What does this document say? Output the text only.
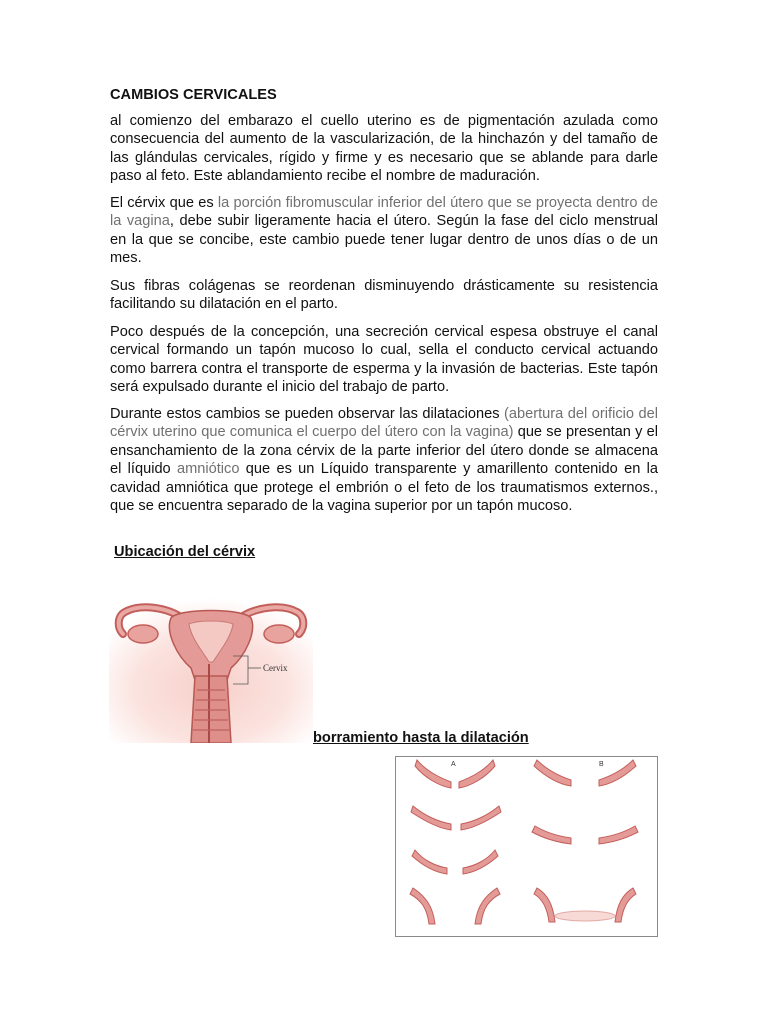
CAMBIOS CERVICALES

al comienzo del embarazo el cuello uterino es de pigmentación azulada como consecuencia del aumento de la vascularización, de la hinchazón y del tamaño de las glándulas cervicales, rígido y firme y es necesario que se ablande para darle paso al feto. Este ablandamiento recibe el nombre de maduración.

El cérvix que es la porción fibromuscular inferior del útero que se proyecta dentro de la vagina, debe subir ligeramente hacia el útero. Según la fase del ciclo menstrual en la que se concibe, este cambio puede tener lugar dentro de unos días o de un mes.

Sus fibras colágenas se reordenan disminuyendo drásticamente su resistencia facilitando su dilatación en el parto.

Poco después de la concepción, una secreción cervical espesa obstruye el canal cervical formando un tapón mucoso lo cual, sella el conducto cervical actuando como barrera contra el transporte de esperma y la invasión de bacterias. Este tapón será expulsado durante el inicio del trabajo de parto.

Durante estos cambios se pueden observar las dilataciones (abertura del orificio del cérvix uterino que comunica el cuerpo del útero con la vagina) que se presentan y el ensanchamiento de la zona cérvix de la parte inferior del útero donde se almacena el líquido amniótico que es un Líquido transparente y amarillento contenido en la cavidad amniótica que protege el embrión o el feto de los traumatismos externos., que se encuentra separado de la vagina superior por un tapón mucoso.

Ubicación del cérvix
Cervix
borramiento hasta la dilatación
A	B
